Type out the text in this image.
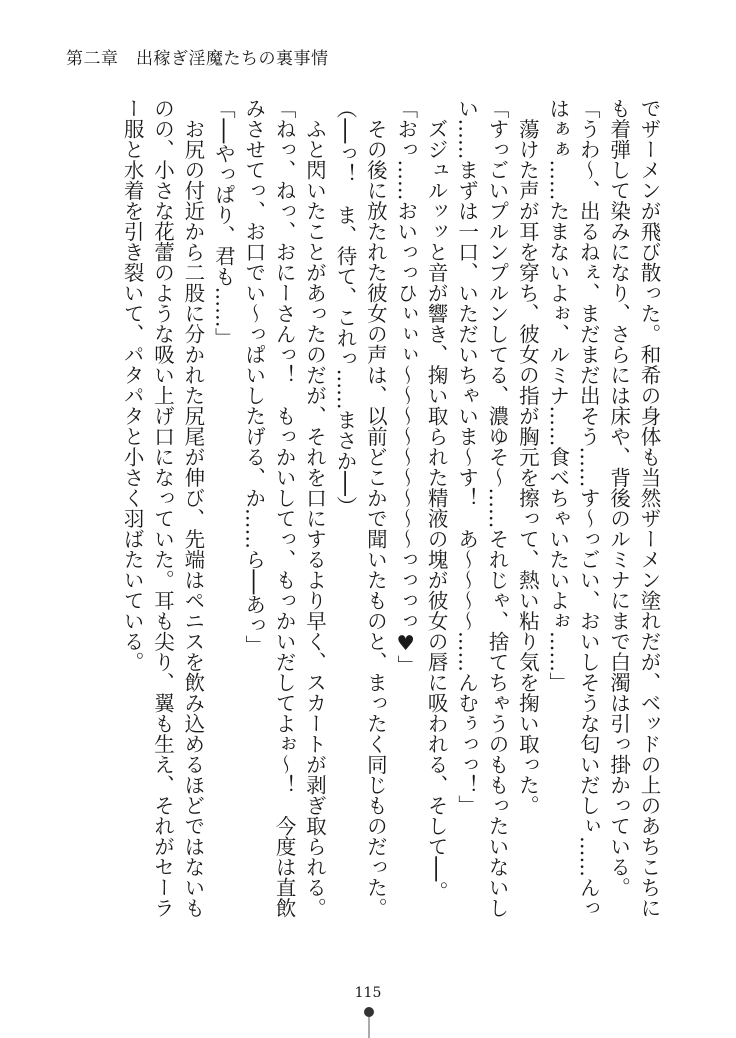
第二章　出稼ぎ淫魔たちの裏事情

でザーメンが飛び散った。和希の身体も当然ザーメン塗れだが、ベッドの上のあちこちに

も着弾して染みになり、さらには床や、背後のルミナにまで白濁は引っ掛かっている。

「うわ～、出るねぇ、まだまだ出そう……す～っごい、おいしそうな匂いだしぃ……んっ

はぁぁ……たまないよぉ、ルミナ……食べちゃいたいよぉ……」

　蕩けた声が耳を穿ち、彼女の指が胸元を擦って、熱い粘り気を掬い取った。

「すっごいプルンプルンしてる、濃ゆそ～……それじゃ、捨てちゃうのももったいないし

い……まずは一口、いただいちゃいま～す！　あ～～～～……んむぅっっ！」

　ズジュルッッと音が響き、掬い取られた精液の塊が彼女の唇に吸われる、そして──。

「おっ……おいっっひぃぃぃ～～～～～～～～～っっっっ♥」

　その後に放たれた彼女の声は、以前どこかで聞いたものと、まったく同じものだった。

（──っ！　ま、待て、これっ……まさか──）

　ふと閃いたことがあったのだが、それを口にするより早く、スカートが剥ぎ取られる。

「ねっ、ねっ、おにーさんっ！　もっかいしてっ、もっかいだしてよぉ～！　今度は直飲

みさせてっ、お口でい～っぱいしたげる、か……ら──あっ」

「──やっぱり、君も……」

　お尻の付近から二股に分かれた尻尾が伸び、先端はペニスを飲み込めるほどではないも

のの、小さな花蕾のような吸い上げ口になっていた。耳も尖り、翼も生え、それがセーラ

ー服と水着を引き裂いて、パタパタと小さく羽ばたいている。

115
